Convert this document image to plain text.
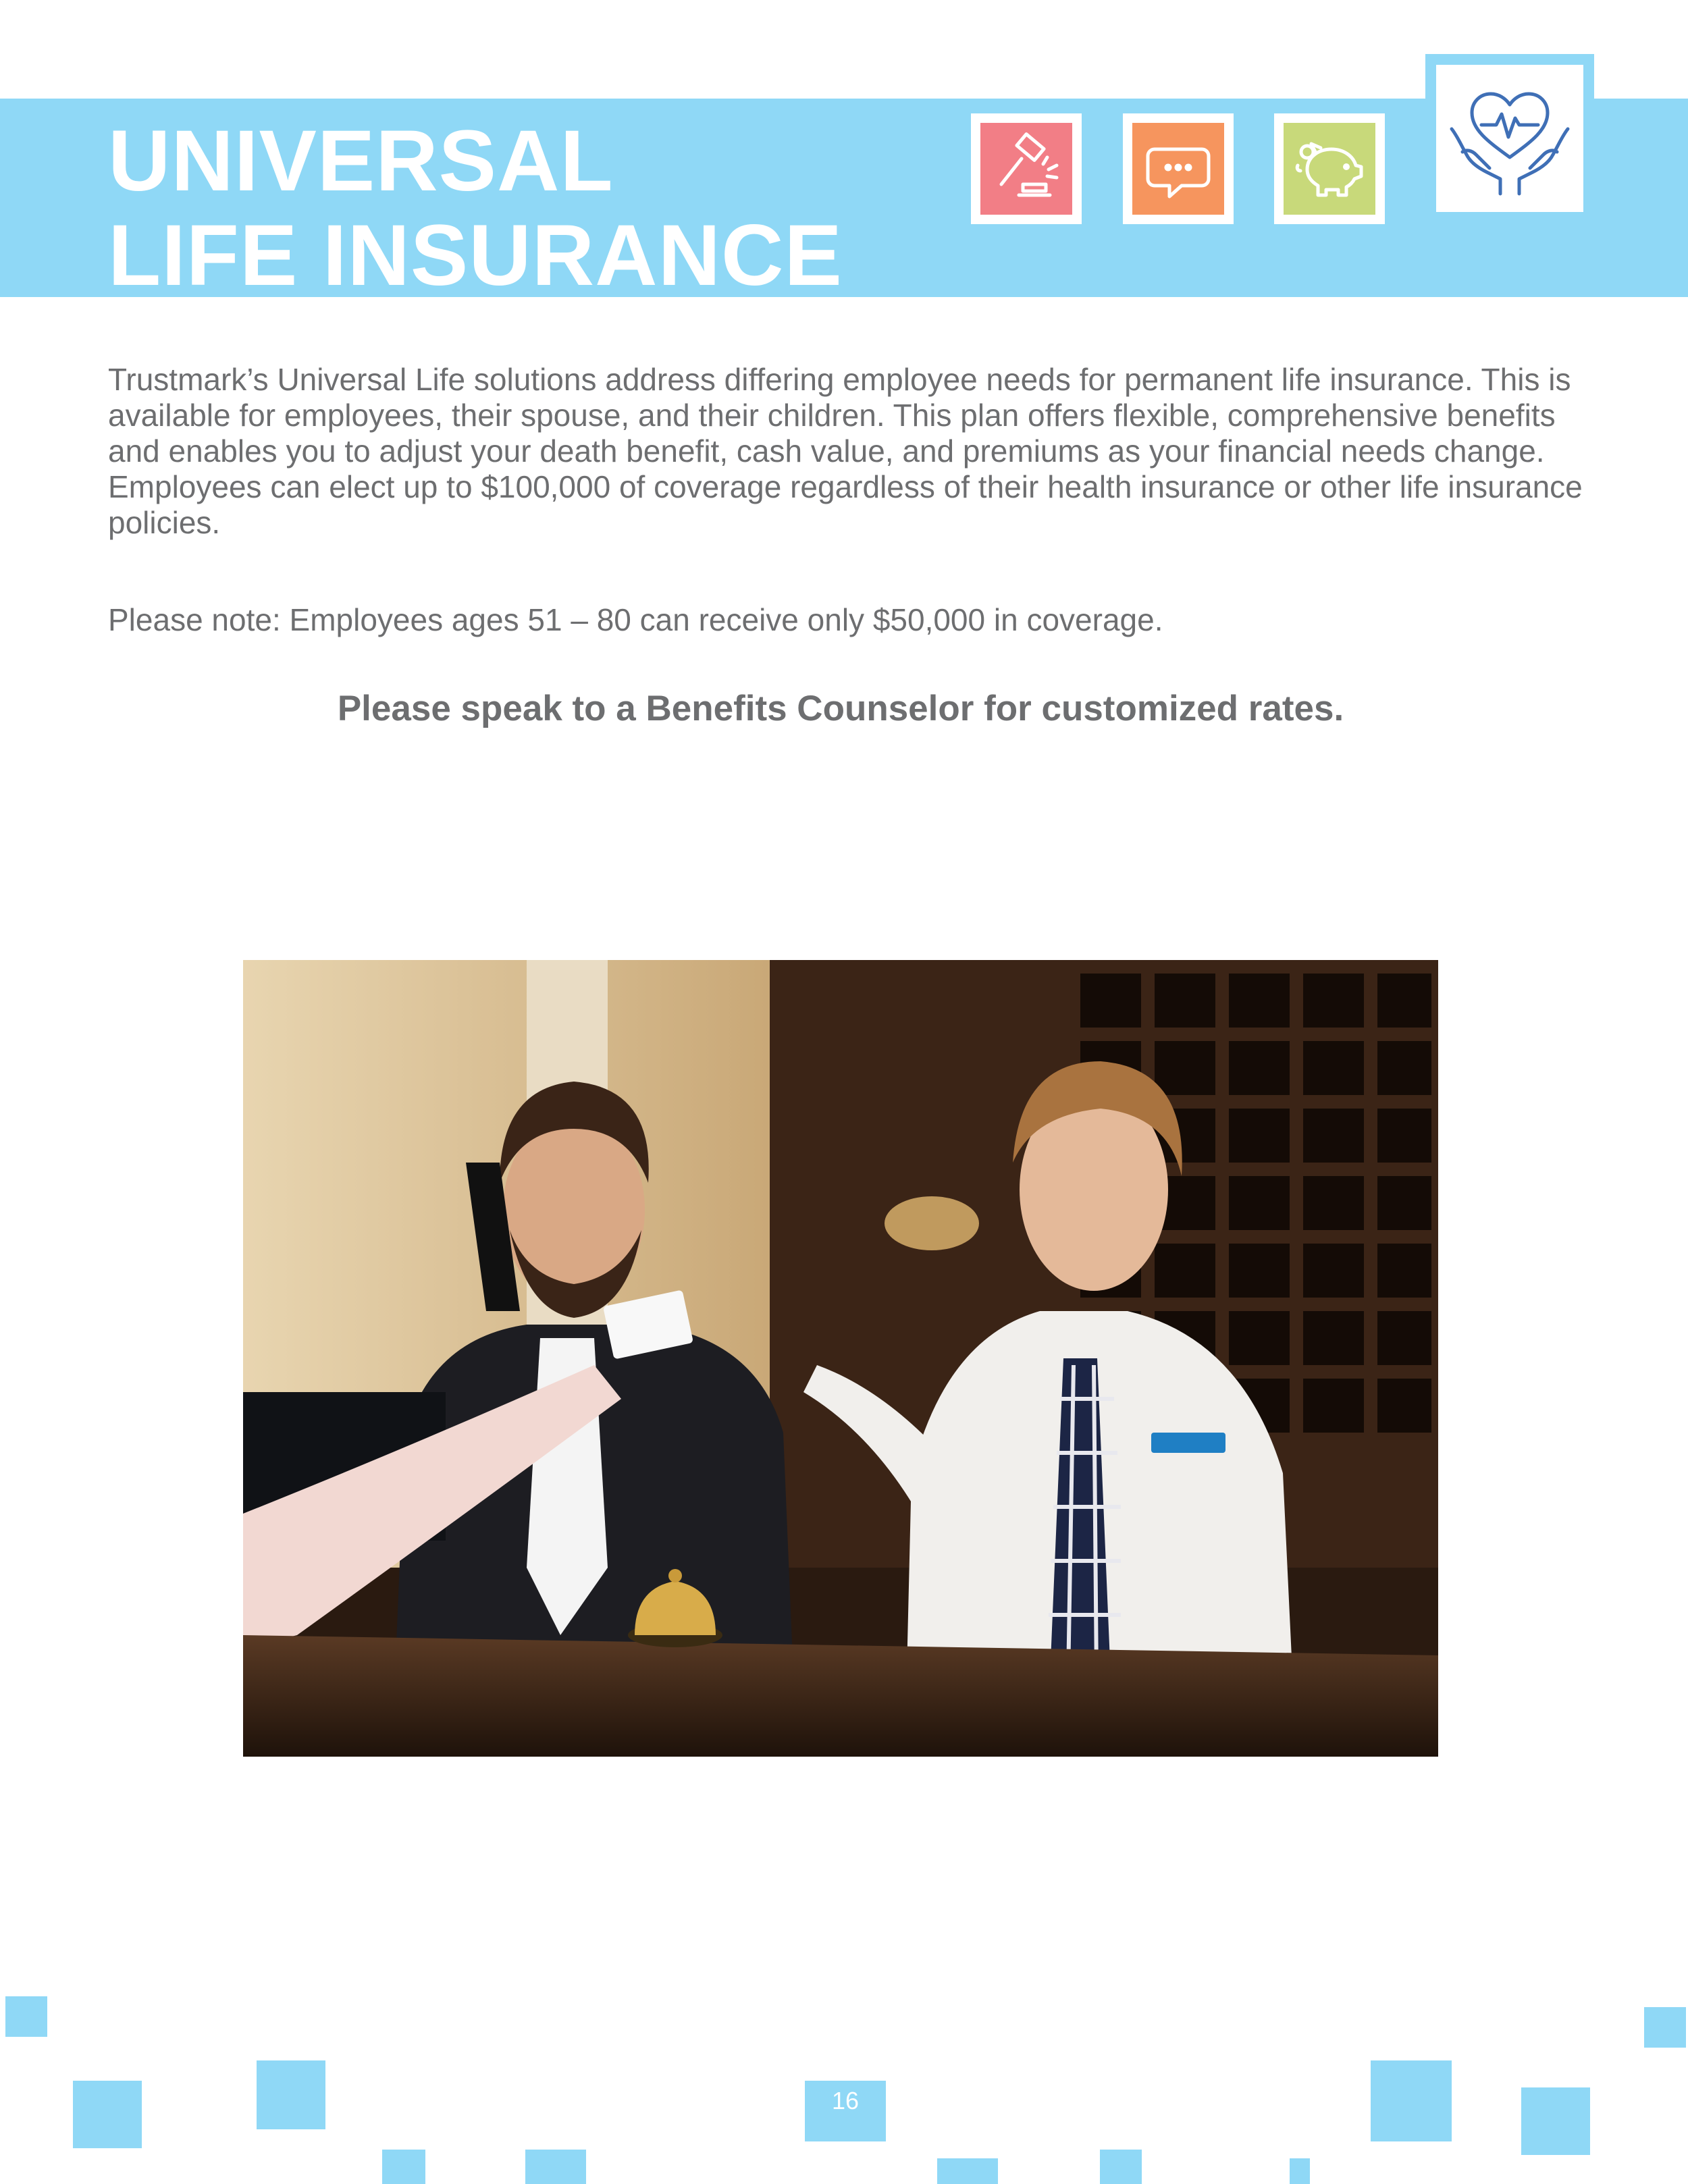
UNIVERSAL
LIFE INSURANCE

Trustmark’s Universal Life solutions address differing employee needs for permanent life insurance. This is available for employees, their spouse, and their children. This plan offers flexible, comprehensive benefits and enables you to adjust your death benefit, cash value, and premiums as your financial needs change. Employees can elect up to $100,000 of coverage regardless of their health insurance or other life insurance policies.

Please note: Employees ages 51 – 80 can receive only $50,000 in coverage.

Please speak to a Benefits Counselor for customized rates.

16
